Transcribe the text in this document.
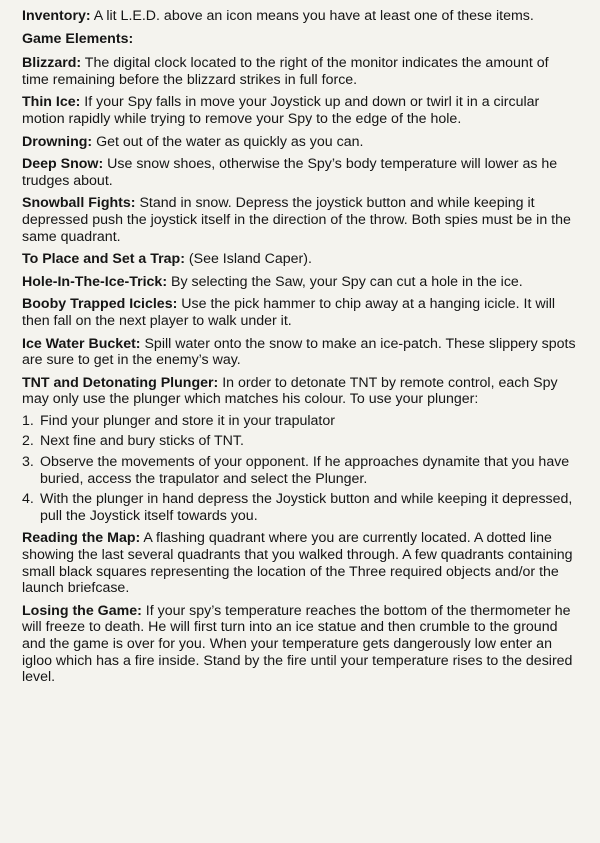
Inventory: A lit L.E.D. above an icon means you have at least one of these items.

Game Elements:

Blizzard: The digital clock located to the right of the monitor indicates the amount of time remaining before the blizzard strikes in full force.

Thin Ice: If your Spy falls in move your Joystick up and down or twirl it in a circular motion rapidly while trying to remove your Spy to the edge of the hole.

Drowning: Get out of the water as quickly as you can.

Deep Snow: Use snow shoes, otherwise the Spy’s body temperature will lower as he trudges about.

Snowball Fights: Stand in snow. Depress the joystick button and while keeping it depressed push the joystick itself in the direction of the throw. Both spies must be in the same quadrant.

To Place and Set a Trap: (See Island Caper).

Hole-In-The-Ice-Trick: By selecting the Saw, your Spy can cut a hole in the ice.

Booby Trapped Icicles: Use the pick hammer to chip away at a hanging icicle. It will then fall on the next player to walk under it.

Ice Water Bucket: Spill water onto the snow to make an ice-patch. These slippery spots are sure to get in the enemy’s way.

TNT and Detonating Plunger: In order to detonate TNT by remote control, each Spy may only use the plunger which matches his colour. To use your plunger:

1. Find your plunger and store it in your trapulator
2. Next fine and bury sticks of TNT.
3. Observe the movements of your opponent. If he approaches dynamite that you have buried, access the trapulator and select the Plunger.
4. With the plunger in hand depress the Joystick button and while keeping it depressed, pull the Joystick itself towards you.

Reading the Map: A flashing quadrant where you are currently located. A dotted line showing the last several quadrants that you walked through. A few quadrants containing small black squares representing the location of the Three required objects and/or the launch briefcase.

Losing the Game: If your spy’s temperature reaches the bottom of the thermometer he will freeze to death. He will first turn into an ice statue and then crumble to the ground and the game is over for you. When your temperature gets dangerously low enter an igloo which has a fire inside. Stand by the fire until your temperature rises to the desired level.
